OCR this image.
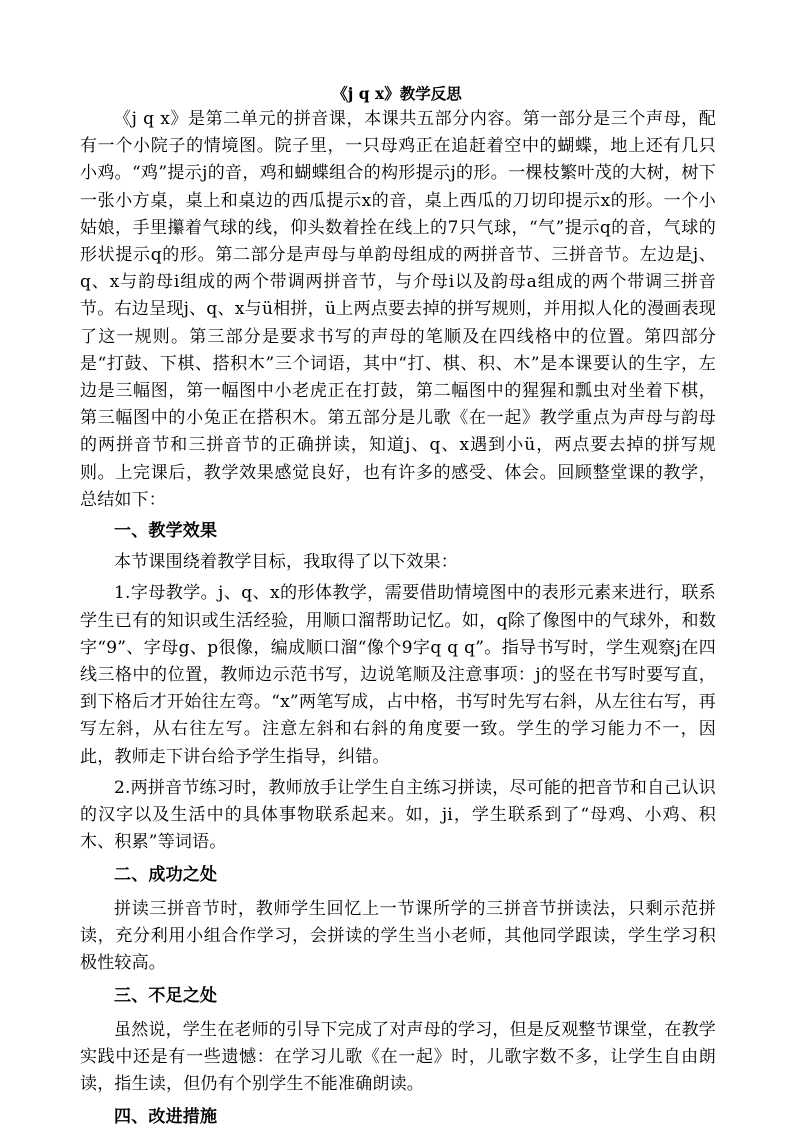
《j q x》教学反思

《j q x》是第二单元的拼音课，本课共五部分内容。第一部分是三个声母，配有一个小院子的情境图。院子里，一只母鸡正在追赶着空中的蝴蝶，地上还有几只小鸡。“鸡”提示j的音，鸡和蝴蝶组合的构形提示j的形。一棵枝繁叶茂的大树，树下一张小方桌，桌上和桌边的西瓜提示x的音，桌上西瓜的刀切印提示x的形。一个小姑娘，手里攥着气球的线，仰头数着拴在线上的7只气球，“气”提示q的音，气球的形状提示q的形。第二部分是声母与单韵母组成的两拼音节、三拼音节。左边是j、q、x与韵母i组成的两个带调两拼音节，与介母i以及韵母a组成的两个带调三拼音节。右边呈现j、q、x与ü相拼，ü上两点要去掉的拼写规则，并用拟人化的漫画表现了这一规则。第三部分是要求书写的声母的笔顺及在四线格中的位置。第四部分是“打鼓、下棋、搭积木”三个词语，其中“打、棋、积、木”是本课要认的生字，左边是三幅图，第一幅图中小老虎正在打鼓，第二幅图中的猩猩和瓢虫对坐着下棋，第三幅图中的小兔正在搭积木。第五部分是儿歌《在一起》教学重点为声母与韵母的两拼音节和三拼音节的正确拼读，知道j、q、x遇到小ü，两点要去掉的拼写规则。上完课后，教学效果感觉良好，也有许多的感受、体会。回顾整堂课的教学，总结如下：

一、教学效果

本节课围绕着教学目标，我取得了以下效果：

1.字母教学。j、q、x的形体教学，需要借助情境图中的表形元素来进行，联系学生已有的知识或生活经验，用顺口溜帮助记忆。如，q除了像图中的气球外，和数字“9”、字母g、p很像，编成顺口溜“像个9字q q q”。指导书写时，学生观察j在四线三格中的位置，教师边示范书写，边说笔顺及注意事项：j的竖在书写时要写直，到下格后才开始往左弯。“x”两笔写成，占中格，书写时先写右斜，从左往右写，再写左斜，从右往左写。注意左斜和右斜的角度要一致。学生的学习能力不一，因此，教师走下讲台给予学生指导，纠错。

2.两拼音节练习时，教师放手让学生自主练习拼读，尽可能的把音节和自己认识的汉字以及生活中的具体事物联系起来。如，ji，学生联系到了“母鸡、小鸡、积木、积累”等词语。

二、成功之处

拼读三拼音节时，教师学生回忆上一节课所学的三拼音节拼读法，只剩示范拼读，充分利用小组合作学习，会拼读的学生当小老师，其他同学跟读，学生学习积极性较高。

三、不足之处

虽然说，学生在老师的引导下完成了对声母的学习，但是反观整节课堂，在教学实践中还是有一些遗憾：在学习儿歌《在一起》时，儿歌字数不多，让学生自由朗读，指生读，但仍有个别学生不能准确朗读。

四、改进措施
